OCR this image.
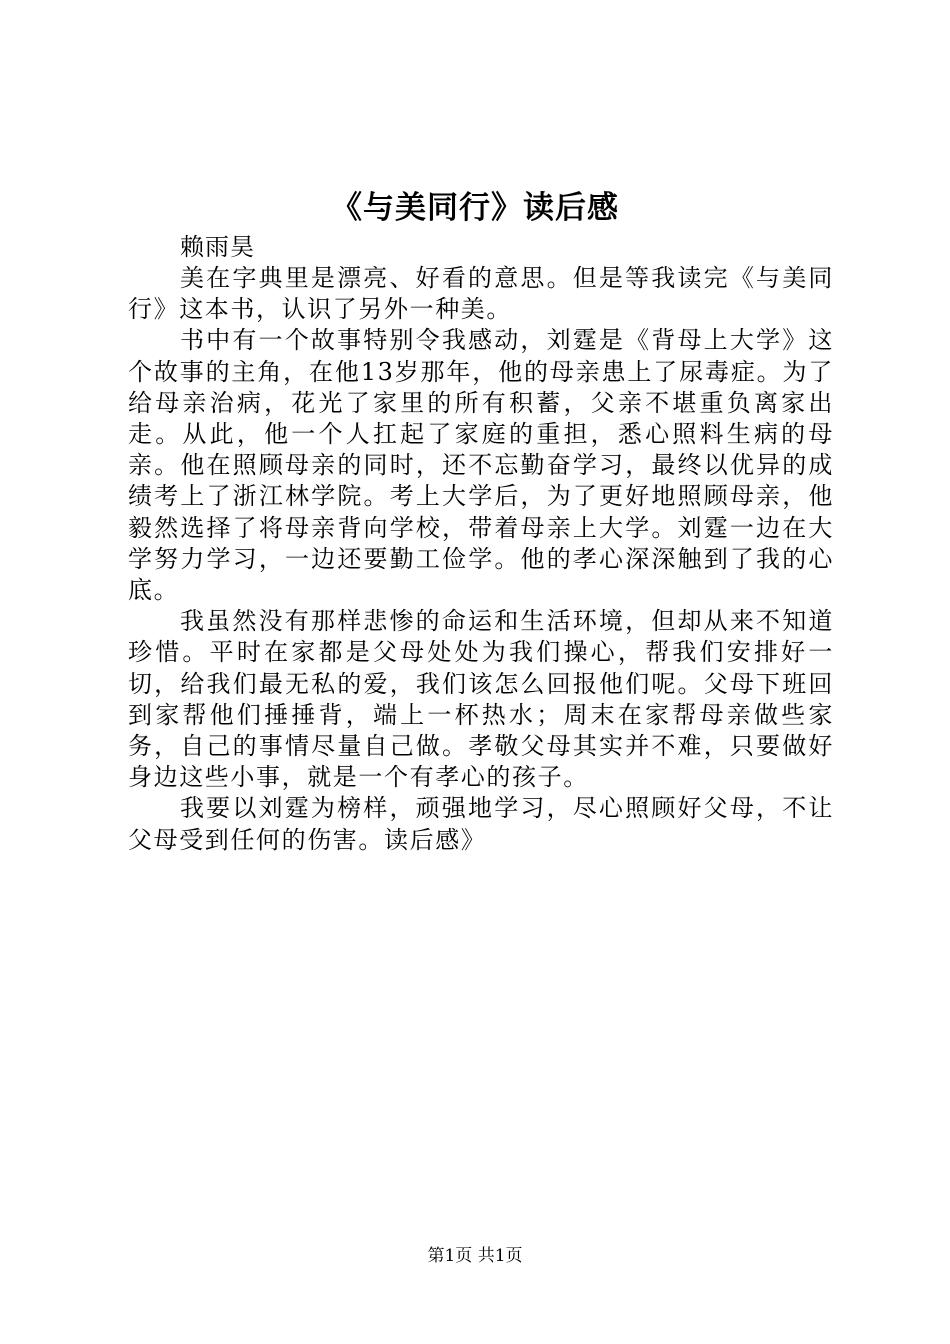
《与美同行》读后感

赖雨昊

美在字典里是漂亮、好看的意思。但是等我读完《与美同行》这本书，认识了另外一种美。

书中有一个故事特别令我感动，刘霆是《背母上大学》这个故事的主角，在他13岁那年，他的母亲患上了尿毒症。为了给母亲治病，花光了家里的所有积蓄，父亲不堪重负离家出走。从此，他一个人扛起了家庭的重担，悉心照料生病的母亲。他在照顾母亲的同时，还不忘勤奋学习，最终以优异的成绩考上了浙江林学院。考上大学后，为了更好地照顾母亲，他毅然选择了将母亲背向学校，带着母亲上大学。刘霆一边在大学努力学习，一边还要勤工俭学。他的孝心深深触到了我的心底。

我虽然没有那样悲惨的命运和生活环境，但却从来不知道珍惜。平时在家都是父母处处为我们操心，帮我们安排好一切，给我们最无私的爱，我们该怎么回报他们呢。父母下班回到家帮他们捶捶背，端上一杯热水；周末在家帮母亲做些家务，自己的事情尽量自己做。孝敬父母其实并不难，只要做好身边这些小事，就是一个有孝心的孩子。

我要以刘霆为榜样，顽强地学习，尽心照顾好父母，不让父母受到任何的伤害。读后感》

第1页 共1页
